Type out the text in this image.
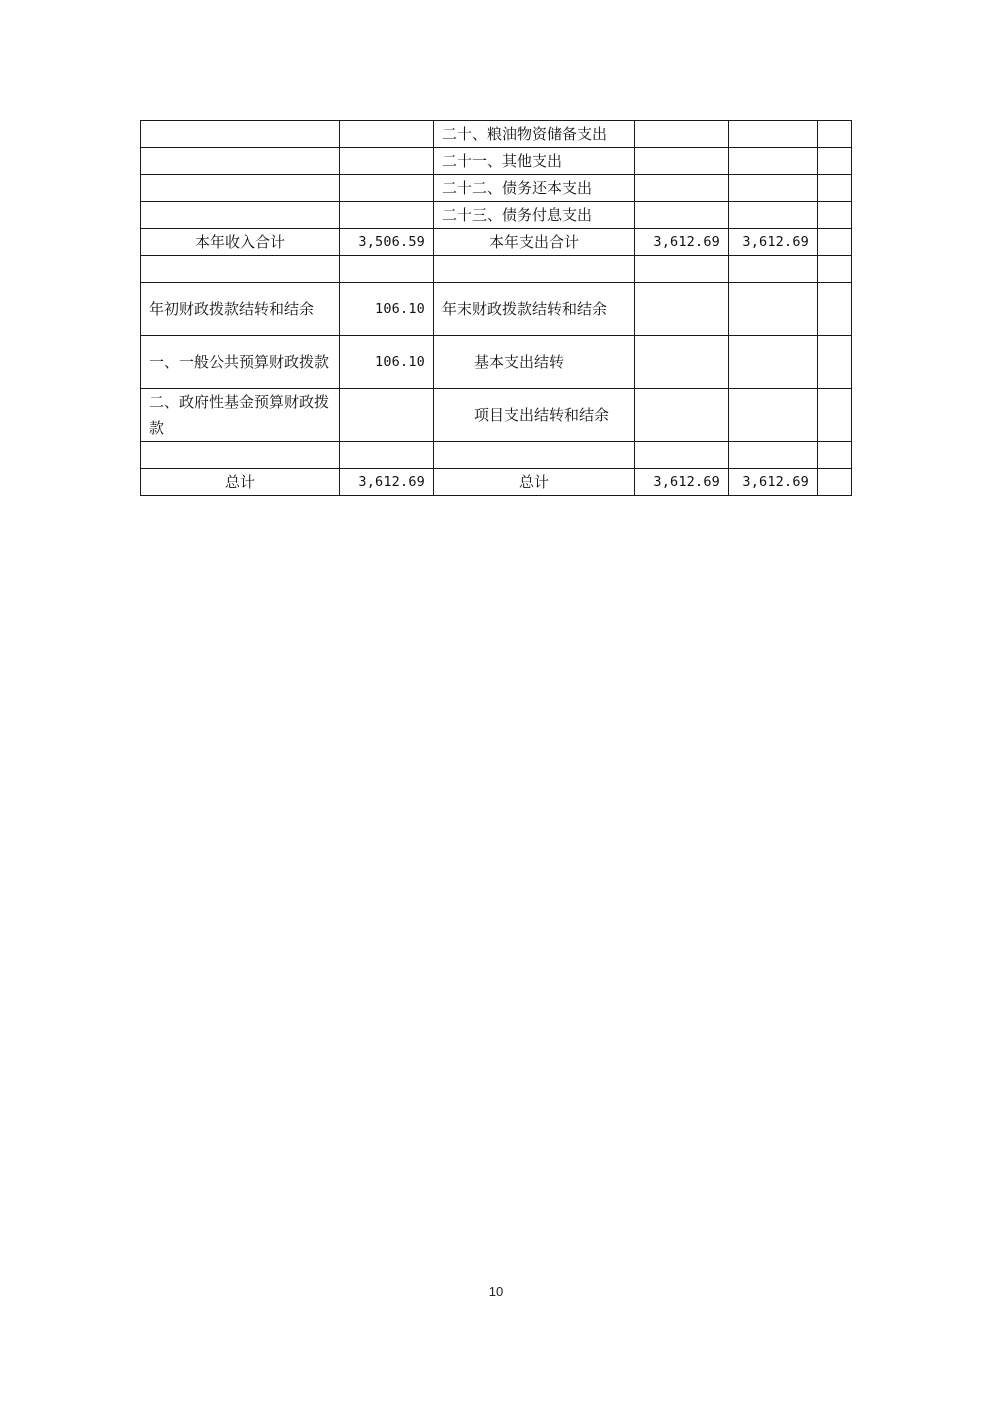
		二十、粮油物资储备支出			
		二十一、其他支出			
		二十二、债务还本支出			
		二十三、债务付息支出			
本年收入合计	3,506.59	本年支出合计	3,612.69	3,612.69	

年初财政拨款结转和结余	106.10	年末财政拨款结转和结余			
一、一般公共预算财政拨款	106.10	基本支出结转			
二、政府性基金预算财政拨款		项目支出结转和结余			

总计	3,612.69	总计	3,612.69	3,612.69	
10
